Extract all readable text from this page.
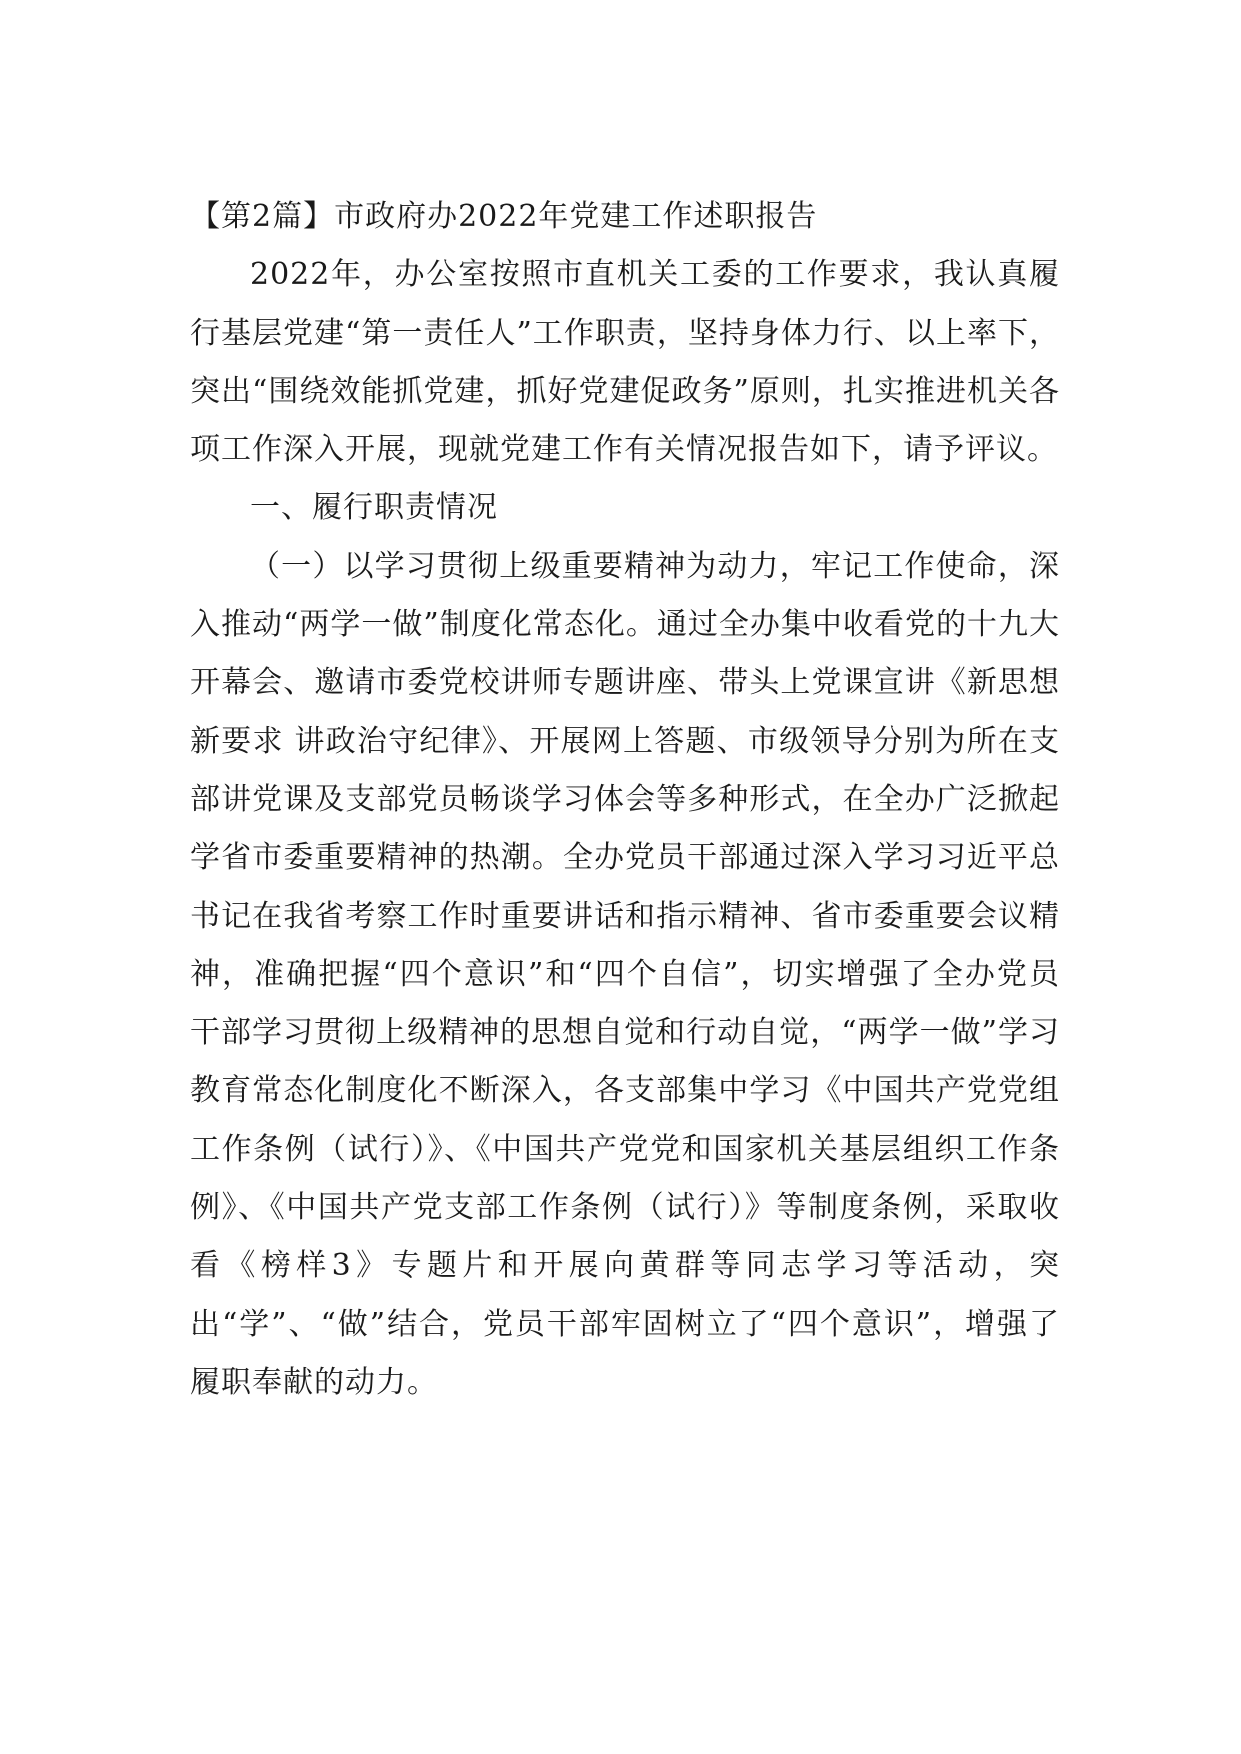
【第2篇】市政府办2022年党建工作述职报告

2022年，办公室按照市直机关工委的工作要求，我认真履行基层党建“第一责任人”工作职责，坚持身体力行、以上率下，突出“围绕效能抓党建，抓好党建促政务”原则，扎实推进机关各项工作深入开展，现就党建工作有关情况报告如下，请予评议。

一、履行职责情况

（一）以学习贯彻上级重要精神为动力，牢记工作使命，深入推动“两学一做”制度化常态化。通过全办集中收看党的十九大开幕会、邀请市委党校讲师专题讲座、带头上党课宣讲《新思想新要求 讲政治守纪律》、开展网上答题、市级领导分别为所在支部讲党课及支部党员畅谈学习体会等多种形式，在全办广泛掀起学省市委重要精神的热潮。全办党员干部通过深入学习习近平总书记在我省考察工作时重要讲话和指示精神、省市委重要会议精神，准确把握“四个意识”和“四个自信”，切实增强了全办党员干部学习贯彻上级精神的思想自觉和行动自觉，“两学一做”学习教育常态化制度化不断深入，各支部集中学习《中国共产党党组工作条例（试行）》、《中国共产党党和国家机关基层组织工作条例》、《中国共产党支部工作条例（试行）》等制度条例，采取收看《榜样3》专题片和开展向黄群等同志学习等活动，突出“学”、“做”结合，党员干部牢固树立了“四个意识”，增强了履职奉献的动力。
